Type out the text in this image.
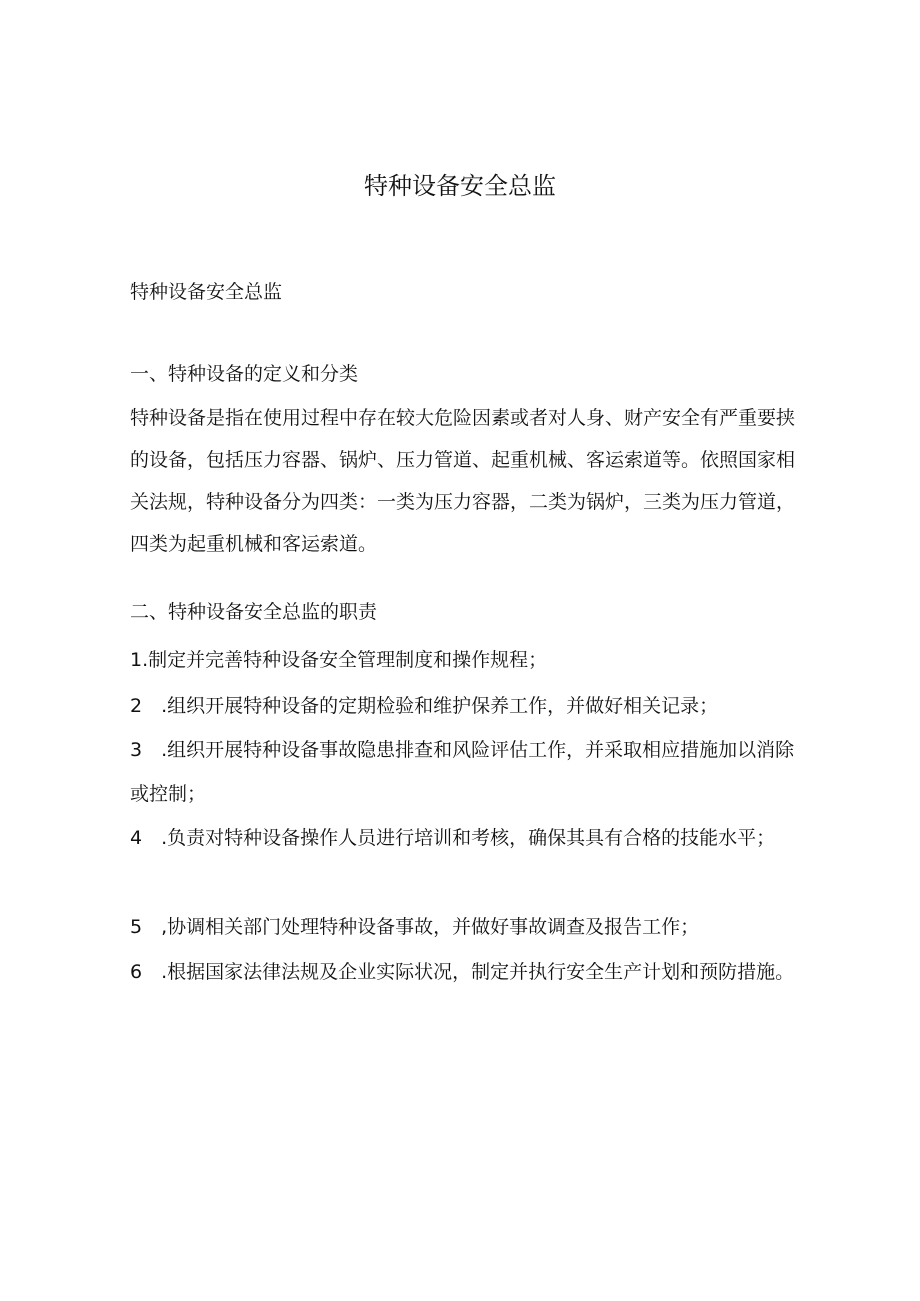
特种设备安全总监

特种设备安全总监

一、特种设备的定义和分类

特种设备是指在使用过程中存在较大危险因素或者对人身、财产安全有严重要挟的设备，包括压力容器、锅炉、压力管道、起重机械、客运索道等。依照国家相关法规，特种设备分为四类：一类为压力容器，二类为锅炉，三类为压力管道，四类为起重机械和客运索道。

二、特种设备安全总监的职责

1.制定并完善特种设备安全管理制度和操作规程；

2　.组织开展特种设备的定期检验和维护保养工作，并做好相关记录；

3　.组织开展特种设备事故隐患排查和风险评估工作，并采取相应措施加以消除或控制；

4　.负责对特种设备操作人员进行培训和考核，确保其具有合格的技能水平；

5　,协调相关部门处理特种设备事故，并做好事故调查及报告工作；

6　.根据国家法律法规及企业实际状况，制定并执行安全生产计划和预防措施。
